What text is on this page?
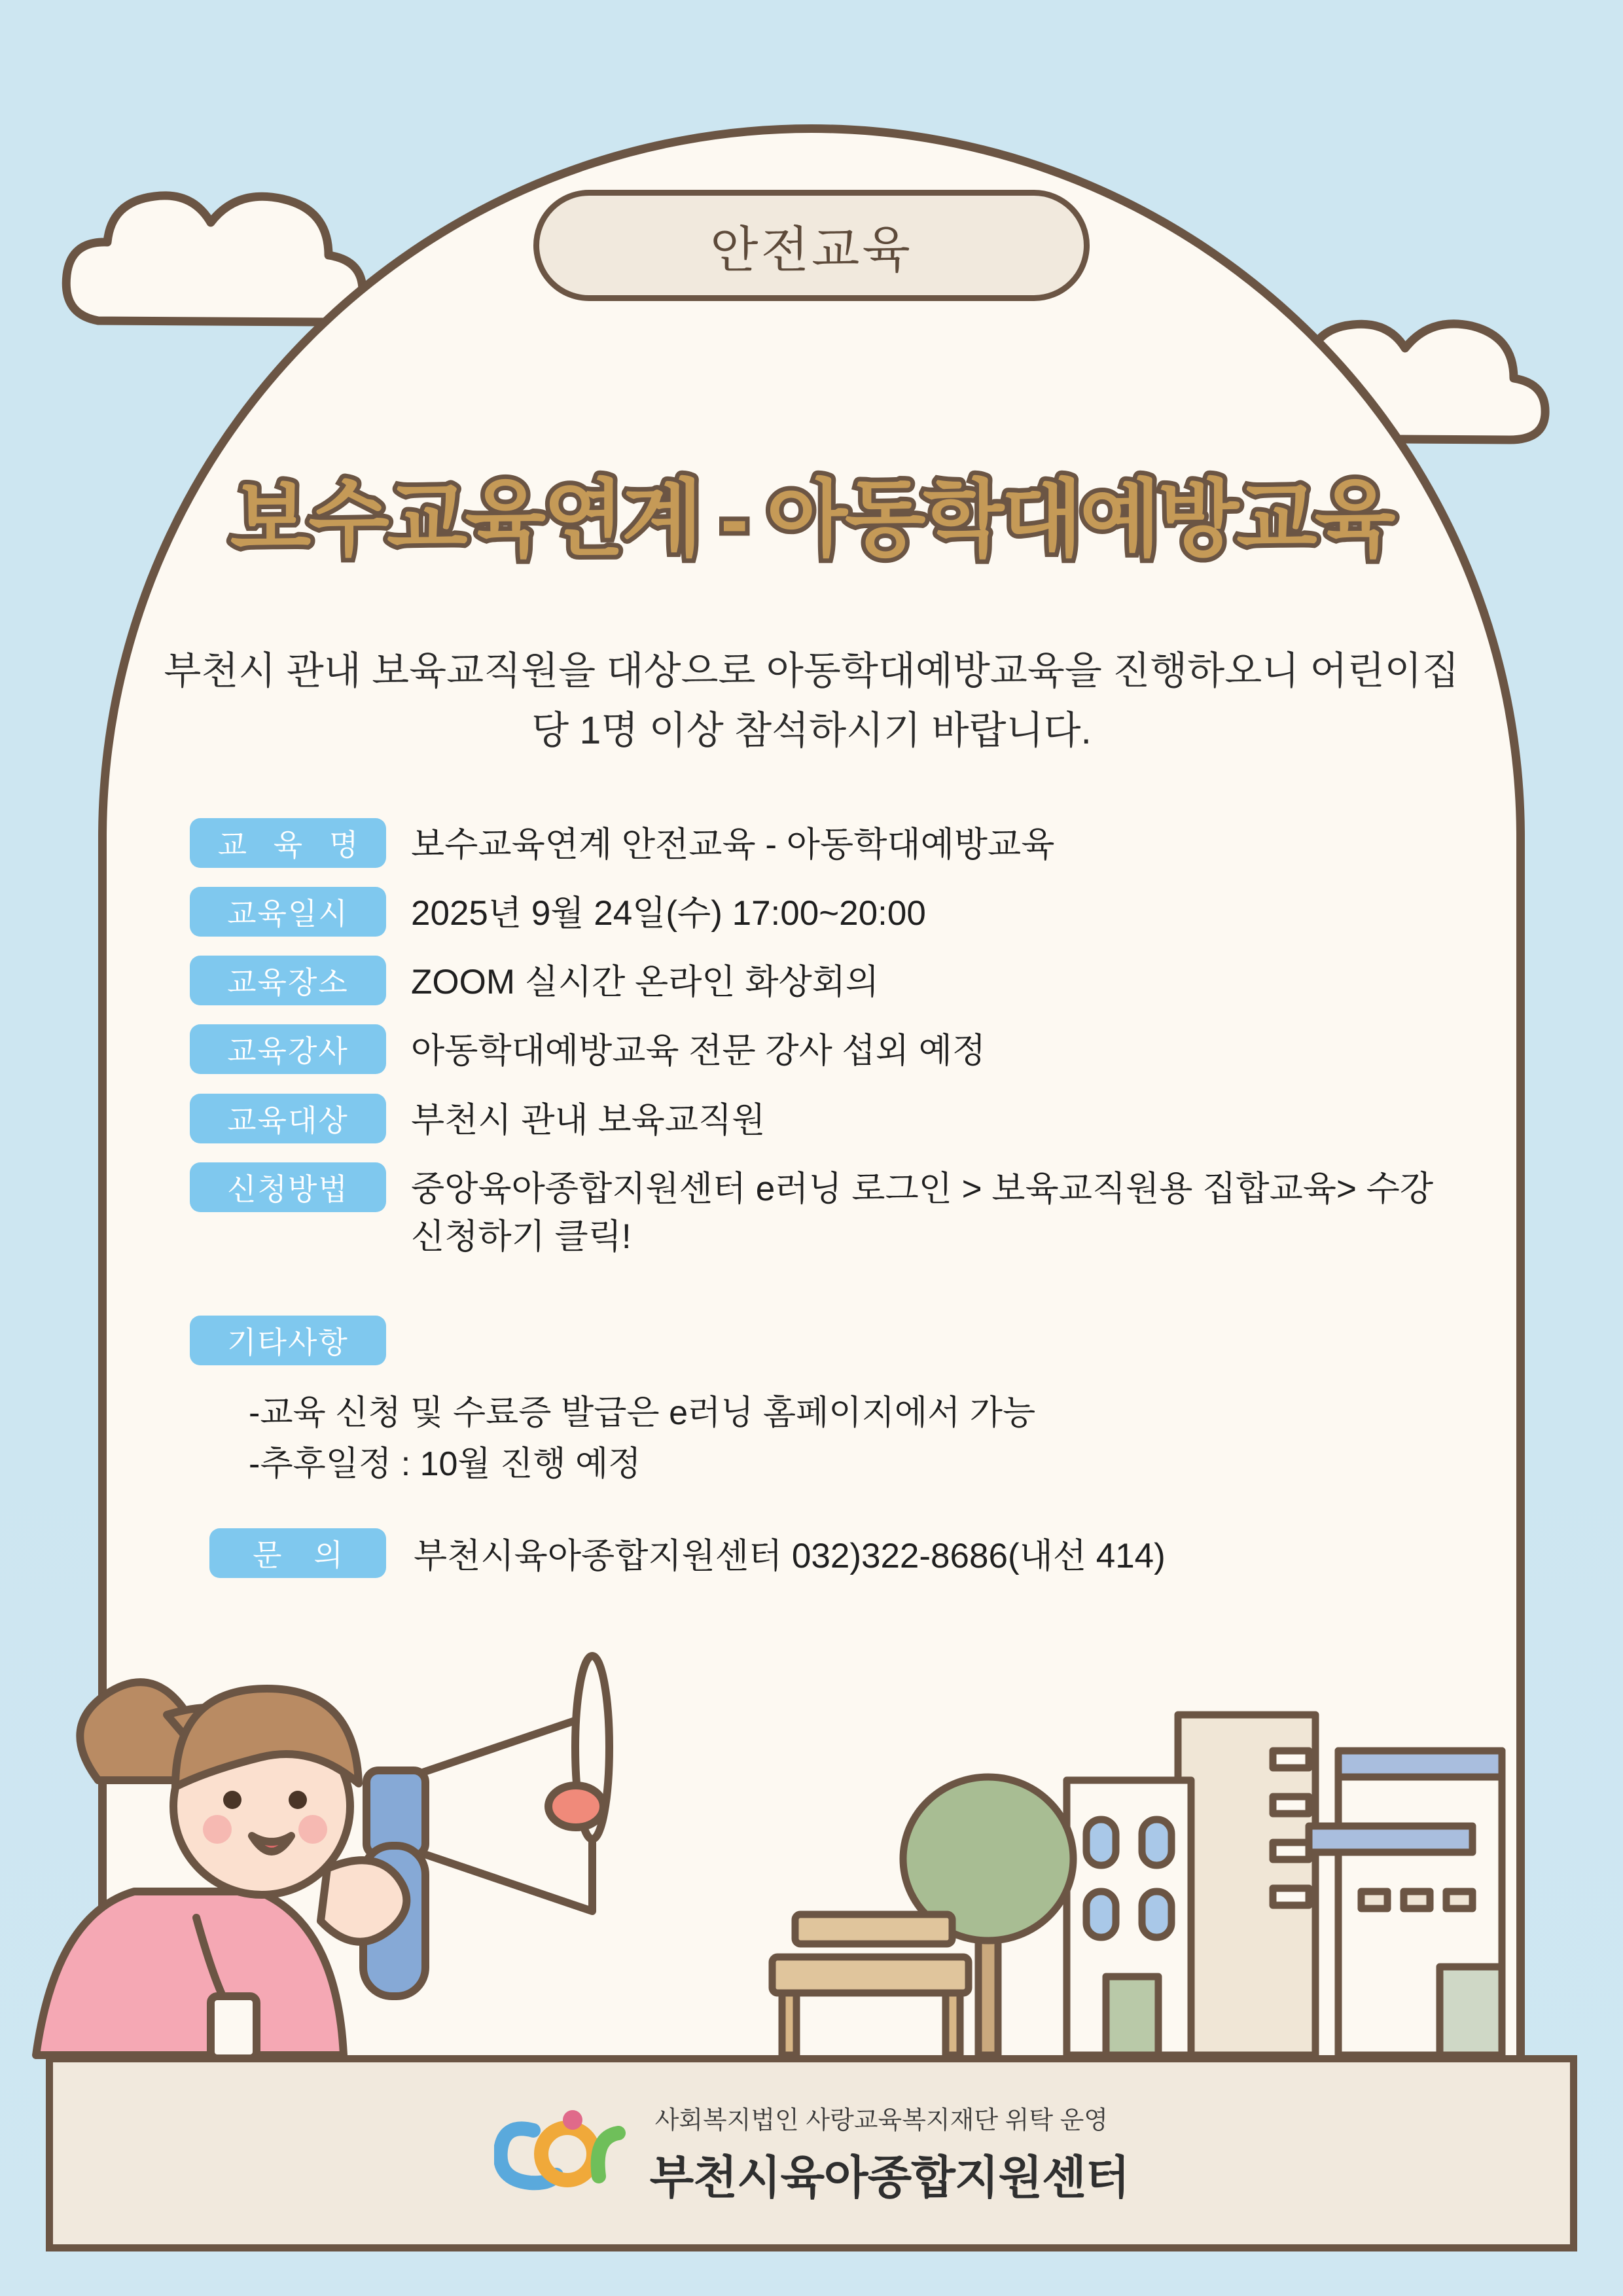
안전교육
보수교육연계 - 아동학대예방교육
부천시 관내 보육교직원을 대상으로 아동학대예방교육을 진행하오니 어린이집 당 1명 이상 참석하시기 바랍니다.
교 육 명	보수교육연계 안전교육 - 아동학대예방교육
교육일시	2025년 9월 24일(수) 17:00~20:00
교육장소	ZOOM 실시간 온라인 화상회의
교육강사	아동학대예방교육 전문 강사 섭외 예정
교육대상	부천시 관내 보육교직원
신청방법	중앙육아종합지원센터 e러닝 로그인 > 보육교직원용 집합교육> 수강신청하기 클릭!
기타사항
-교육 신청 및 수료증 발급은 e러닝 홈페이지에서 가능
-추후일정 : 10월 진행 예정
문 의	부천시육아종합지원센터 032)322-8686(내선 414)
사회복지법인 사랑교육복지재단 위탁 운영
부천시육아종합지원센터
